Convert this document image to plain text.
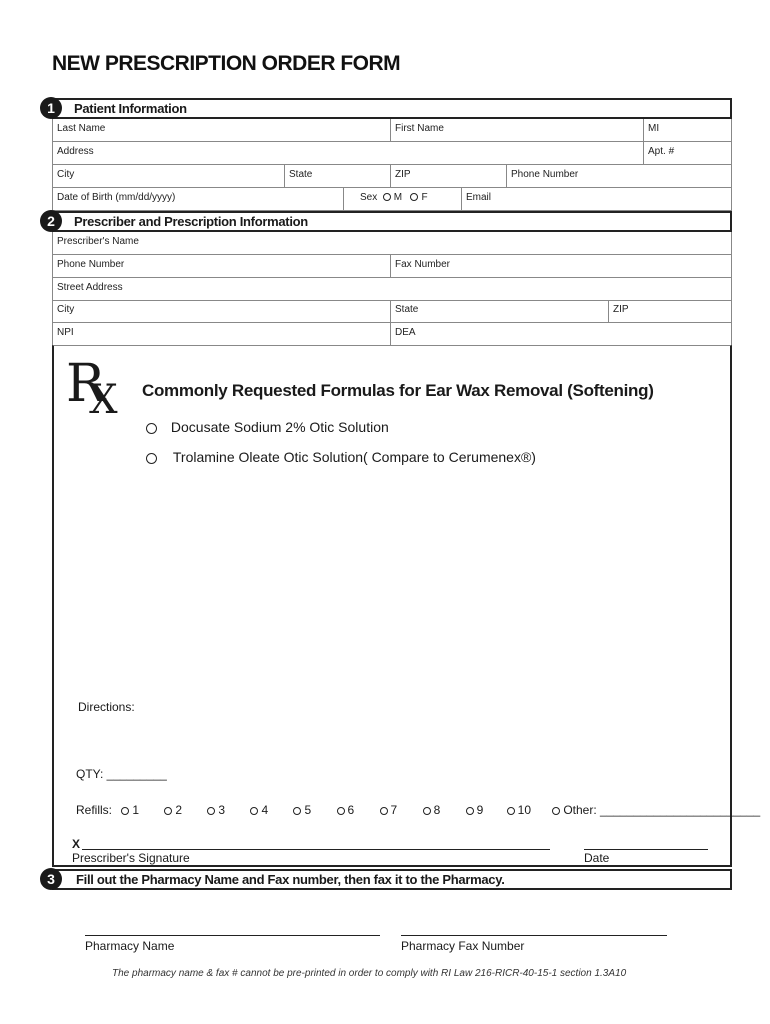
NEW PRESCRIPTION ORDER FORM
Patient Information
1
Last Name	First Name	MI
Address	Apt. #
City	State	ZIP	Phone Number
Date of Birth (mm/dd/yyyy)	Sex M F	Email
Prescriber and Prescription Information
2
Prescriber's Name
Phone Number	Fax Number
Street Address
City	State	ZIP
NPI	DEA
$R_X$ Commonly Requested Formulas for Ear Wax Removal (Softening)
Docusate Sodium 2% Otic Solution
Trolamine Oleate Otic Solution( Compare to Cerumenex®)
Directions:
QTY: _________
Refills: 1	2	3	4	5	6	7	8	9	10	Other: ________________________
X
Prescriber's Signature	Date
Fill out the Pharmacy Name and Fax number, then fax it to the Pharmacy.
3
Pharmacy Name	Pharmacy Fax Number
The pharmacy name & fax # cannot be pre-printed in order to comply with RI Law 216-RICR-40-15-1 section 1.3A10
